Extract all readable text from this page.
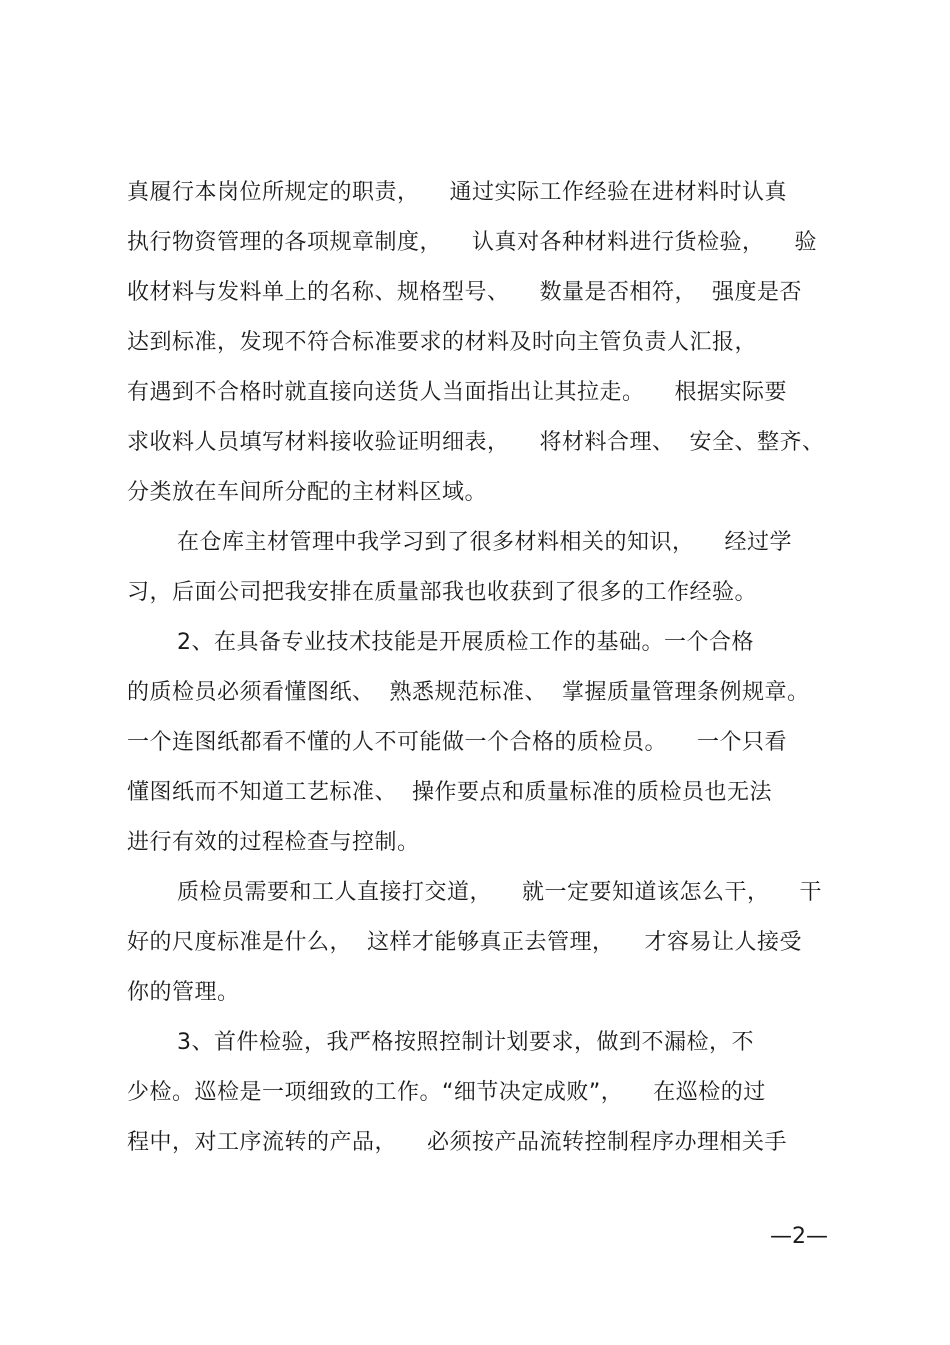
真履行本岗位所规定的职责，    通过实际工作经验在进材料时认真
执行物资管理的各项规章制度，    认真对各种材料进行货检验，    验
收材料与发料单上的名称、规格型号、    数量是否相符，  强度是否
达到标准，发现不符合标准要求的材料及时向主管负责人汇报，
有遇到不合格时就直接向送货人当面指出让其拉走。    根据实际要
求收料人员填写材料接收验证明细表，    将材料合理、  安全、整齐、
分类放在车间所分配的主材料区域。
在仓库主材管理中我学习到了很多材料相关的知识，    经过学
习，后面公司把我安排在质量部我也收获到了很多的工作经验。
2、在具备专业技术技能是开展质检工作的基础。一个合格
的质检员必须看懂图纸、  熟悉规范标准、  掌握质量管理条例规章。
一个连图纸都看不懂的人不可能做一个合格的质检员。    一个只看
懂图纸而不知道工艺标准、  操作要点和质量标准的质检员也无法
进行有效的过程检查与控制。
质检员需要和工人直接打交道，    就一定要知道该怎么干，    干
好的尺度标准是什么，  这样才能够真正去管理，    才容易让人接受
你的管理。
3、首件检验，我严格按照控制计划要求，做到不漏检，不
少检。巡检是一项细致的工作。“细节决定成败”，    在巡检的过
程中，对工序流转的产品，    必须按产品流转控制程序办理相关手
—2—
